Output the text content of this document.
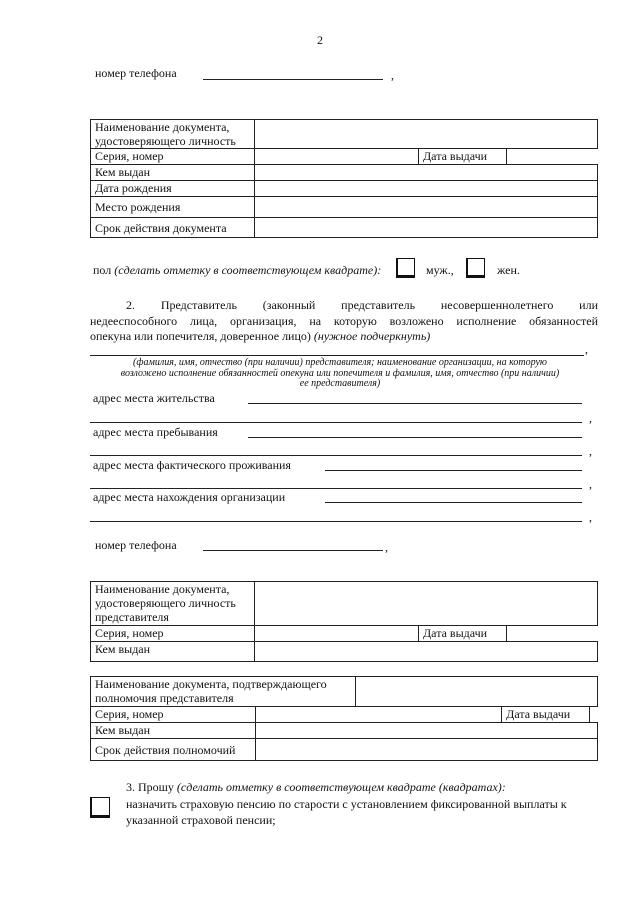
2
номер телефона	,
Наименование документа, удостоверяющего личность			
Серия, номер		Дата выдачи	
Кем выдан			
Дата рождения			
Место рождения			
Срок действия документа			
пол (сделать отметку в соответствующем квадрате):	муж.,	жен.
2. Представитель (законный представитель несовершеннолетнего или
недееспособного лица, организация, на которую возложено исполнение обязанностей
опекуна или попечителя, доверенное лицо) (нужное подчеркнуть)
,
(фамилия, имя, отчество (при наличии) представителя; наименование организации, на которую
возложено исполнение обязанностей опекуна или попечителя и фамилия, имя, отчество (при наличии)
ее представителя)
адрес места жительства
,
адрес места пребывания
,
адрес места фактического проживания
,
адрес места нахождения организации
,
номер телефона	,
Наименование документа,
удостоверяющего личность
представителя			

Серия, номер		Дата выдачи	
Кем выдан			
Наименование документа, подтверждающего
полномочия представителя				

Серия, номер			Дата выдачи	
Кем выдан				
Срок действия полномочий				
3. Прошу (сделать отметку в соответствующем квадрате (квадратах):
назначить страховую пенсию по старости с установлением фиксированной выплаты к
указанной страховой пенсии;
